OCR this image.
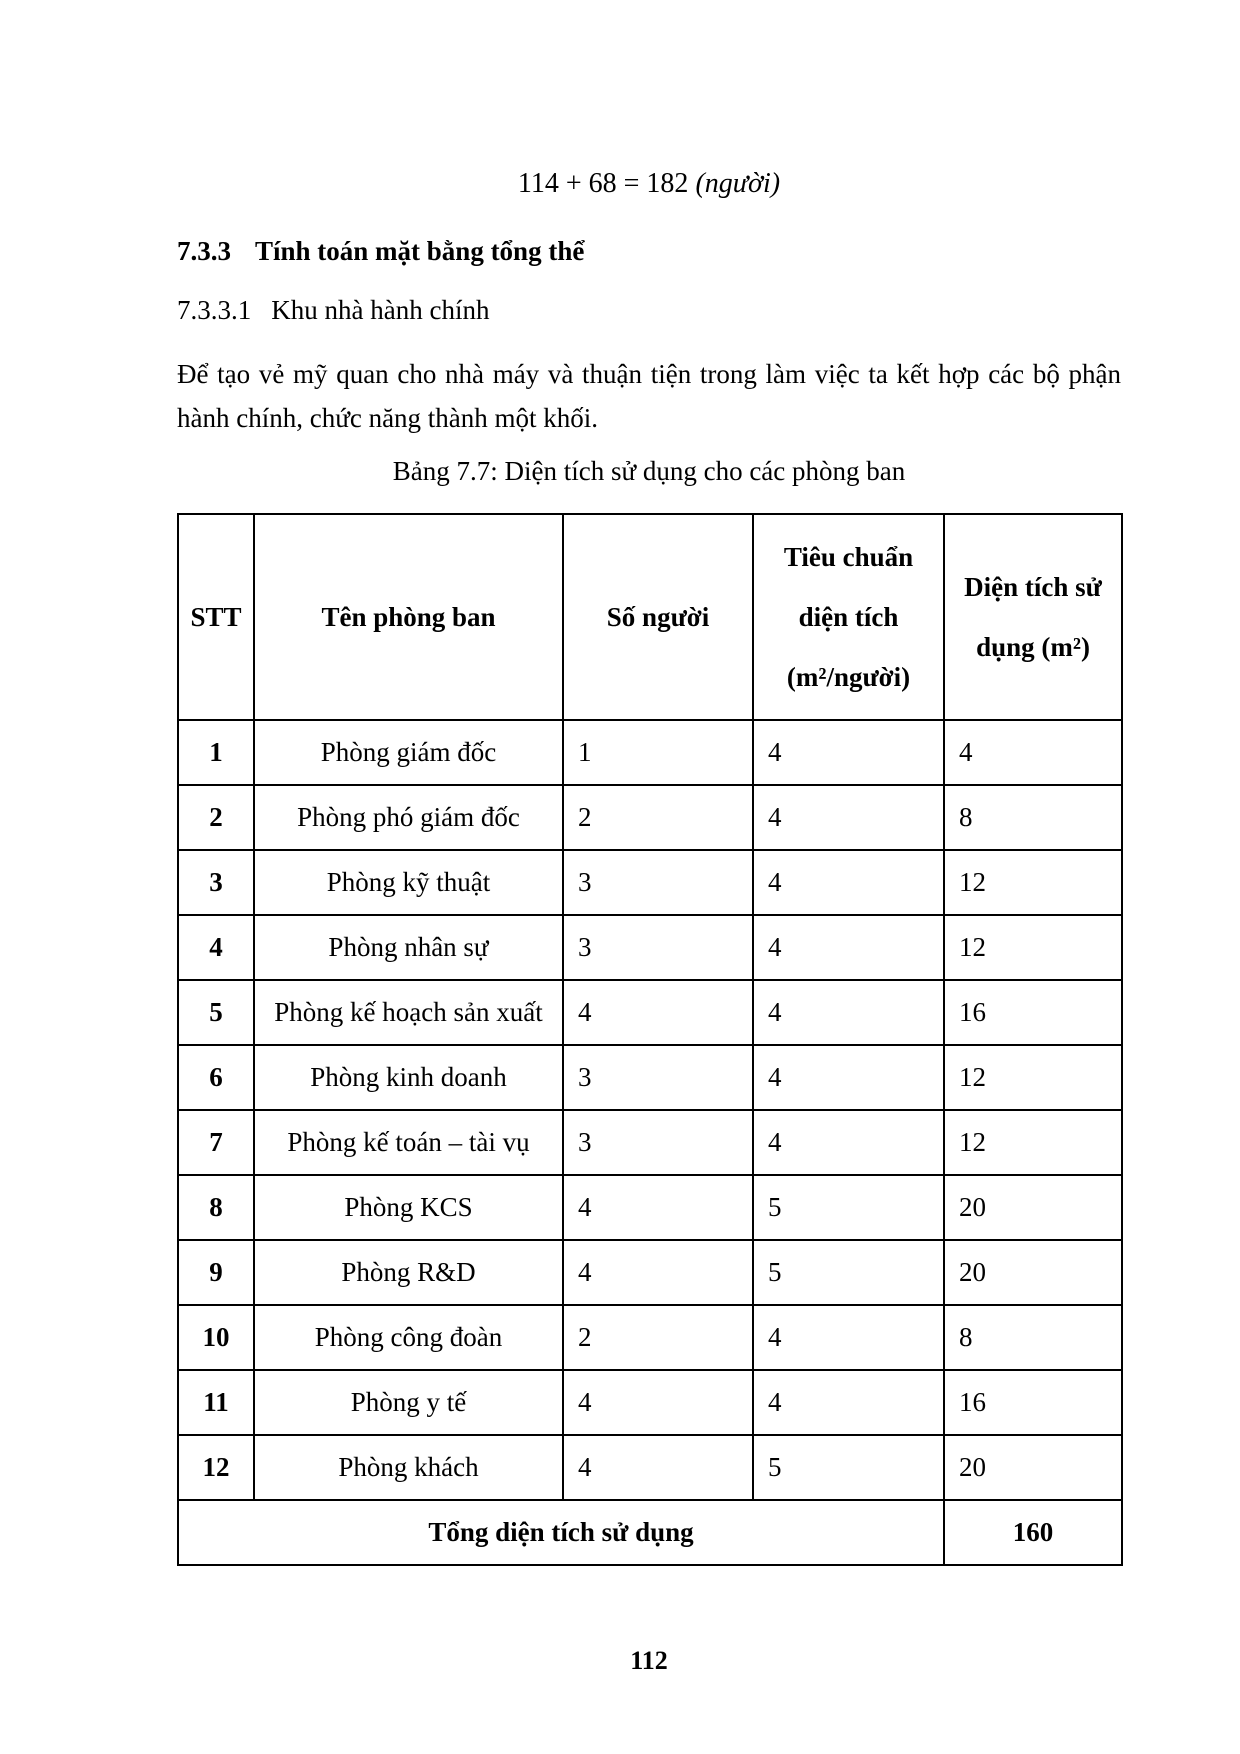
114 + 68 = 182 (người)
7.3.3 Tính toán mặt bằng tổng thể
7.3.3.1 Khu nhà hành chính

Để tạo vẻ mỹ quan cho nhà máy và thuận tiện trong làm việc ta kết hợp các bộ phận hành chính, chức năng thành một khối.

Bảng 7.7: Diện tích sử dụng cho các phòng ban
STT	Tên phòng ban	Số người	Tiêu chuẩn diện tích (m²/người)	Diện tích sử dụng (m²)
1	Phòng giám đốc	1	4	4
2	Phòng phó giám đốc	2	4	8
3	Phòng kỹ thuật	3	4	12
4	Phòng nhân sự	3	4	12
5	Phòng kế hoạch sản xuất	4	4	16
6	Phòng kinh doanh	3	4	12
7	Phòng kế toán – tài vụ	3	4	12
8	Phòng KCS	4	5	20
9	Phòng R&D	4	5	20
10	Phòng công đoàn	2	4	8
11	Phòng y tế	4	4	16
12	Phòng khách	4	5	20
Tổng diện tích sử dụng				160
112
